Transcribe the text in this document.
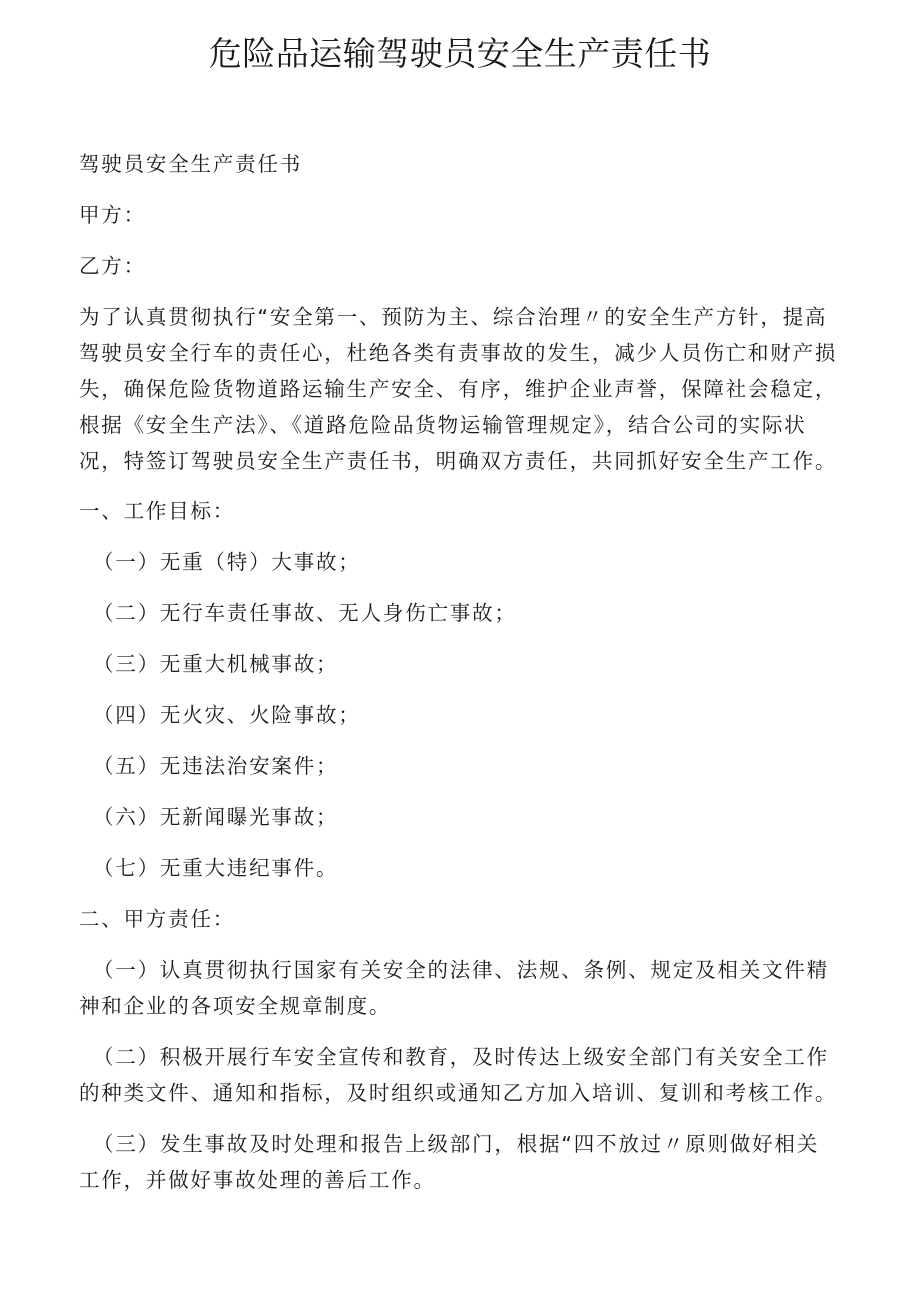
危险品运输驾驶员安全生产责任书

驾驶员安全生产责任书

甲方：

乙方：

为了认真贯彻执行“安全第一、预防为主、综合治理〃的安全生产方针，提高

驾驶员安全行车的责任心，杜绝各类有责事故的发生，减少人员伤亡和财产损

失，确保危险货物道路运输生产安全、有序，维护企业声誉，保障社会稳定，

根据《安全生产法》、《道路危险品货物运输管理规定》，结合公司的实际状

况，特签订驾驶员安全生产责任书，明确双方责任，共同抓好安全生产工作。

一、工作目标：

（一）无重（特）大事故；

（二）无行车责任事故、无人身伤亡事故；

（三）无重大机械事故；

（四）无火灾、火险事故；

（五）无违法治安案件；

（六）无新闻曝光事故；

（七）无重大违纪事件。

二、甲方责任：

（一）认真贯彻执行国家有关安全的法律、法规、条例、规定及相关文件精

神和企业的各项安全规章制度。

（二）积极开展行车安全宣传和教育，及时传达上级安全部门有关安全工作

的种类文件、通知和指标，及时组织或通知乙方加入培训、复训和考核工作。

（三）发生事故及时处理和报告上级部门，根据“四不放过〃原则做好相关

工作，并做好事故处理的善后工作。
